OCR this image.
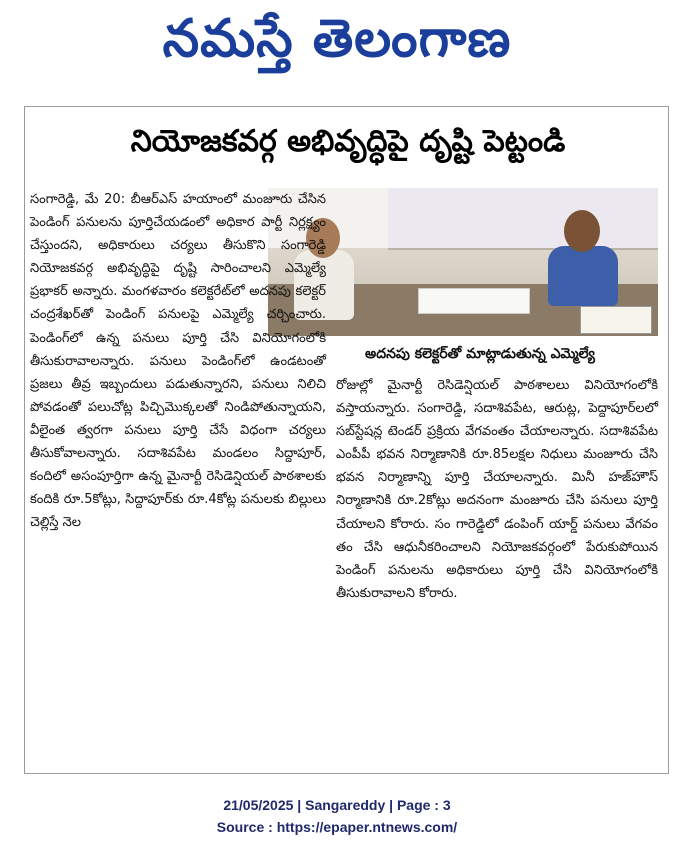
నమస్తే తెలంగాణ
నియోజకవర్గ అభివృద్ధిపై దృష్టి పెట్టండి
అదనపు కలెక్టర్‌తో మాట్లాడుతున్న ఎమ్మెల్యే

సంగారెడ్డి, మే 20: బీఆర్ఎస్ హయాంలో మంజూరు చేసిన పెండింగ్ పనులను పూర్తిచేయడంలో అధికార పార్టీ నిర్లక్ష్యం చేస్తుందని, అధికారులు చర్యలు తీసుకొని సంగారెడ్డి నియోజకవర్గ అభివృద్ధిపై దృష్టి సారించాలని ఎమ్మెల్యే ప్రభాకర్ అన్నారు. మంగళవారం కలెక్టరేట్‌లో అదనపు కలెక్టర్ చంద్రశేఖర్‌తో పెండింగ్ పనులపై ఎమ్మెల్యే చర్చించారు. పెండింగ్‌లో ఉన్న పనులు పూర్తి చేసి వినియోగంలోకి తీసుకురావాలన్నారు. పనులు పెండింగ్‌లో ఉండటంతో ప్రజలు తీవ్ర ఇబ్బందులు పడుతున్నారని, పనులు నిలిచి పోవడంతో పలుచోట్ల పిచ్చిమొక్కలతో నిండిపోతున్నాయని, వీలైంత త్వరగా పనులు పూర్తి చేసే విధంగా చర్యలు తీసుకోవాలన్నారు. సదాశివపేట మండలం సిద్దాపూర్, కందిలో అసంపూర్తిగా ఉన్న మైనార్టీ రెసిడెన్షియల్ పాఠశాలకు కందికి రూ.5కోట్లు, సిద్దాపూర్‌కు రూ.4కోట్ల పనులకు బిల్లులు చెల్లిస్తే నెల

రోజుల్లో మైనార్టీ రెసిడెన్షియల్ పాఠశాలలు వినియోగంలోకి వస్తాయన్నారు. సంగారెడ్డి, సదాశివపేట, ఆరుట్ల, పెద్దాపూర్‌లలో సబ్‌స్టేషన్ల టెండర్ ప్రక్రియ వేగవంతం చేయాలన్నారు. సదాశివపేట ఎంపీపీ భవన నిర్మాణానికి రూ.85లక్షల నిధులు మంజూరు చేసి భవన నిర్మాణాన్ని పూర్తి చేయాలన్నారు. మినీ హజ్‌హౌస్ నిర్మాణానికి రూ.2కోట్లు అదనంగా మంజూరు చేసి పనులు పూర్తి చేయాలని కోరారు. సం గారెడ్డిలో డంపింగ్ యార్డ్ పనులు వేగవం తం చేసి ఆధునీకరించాలని నియోజకవర్గంలో పేరుకుపోయిన పెండింగ్ పనులను అధికారులు పూర్తి చేసి వినియోగంలోకి తీసుకురావాలని కోరారు.

21/05/2025 | Sangareddy | Page : 3
Source : https://epaper.ntnews.com/
